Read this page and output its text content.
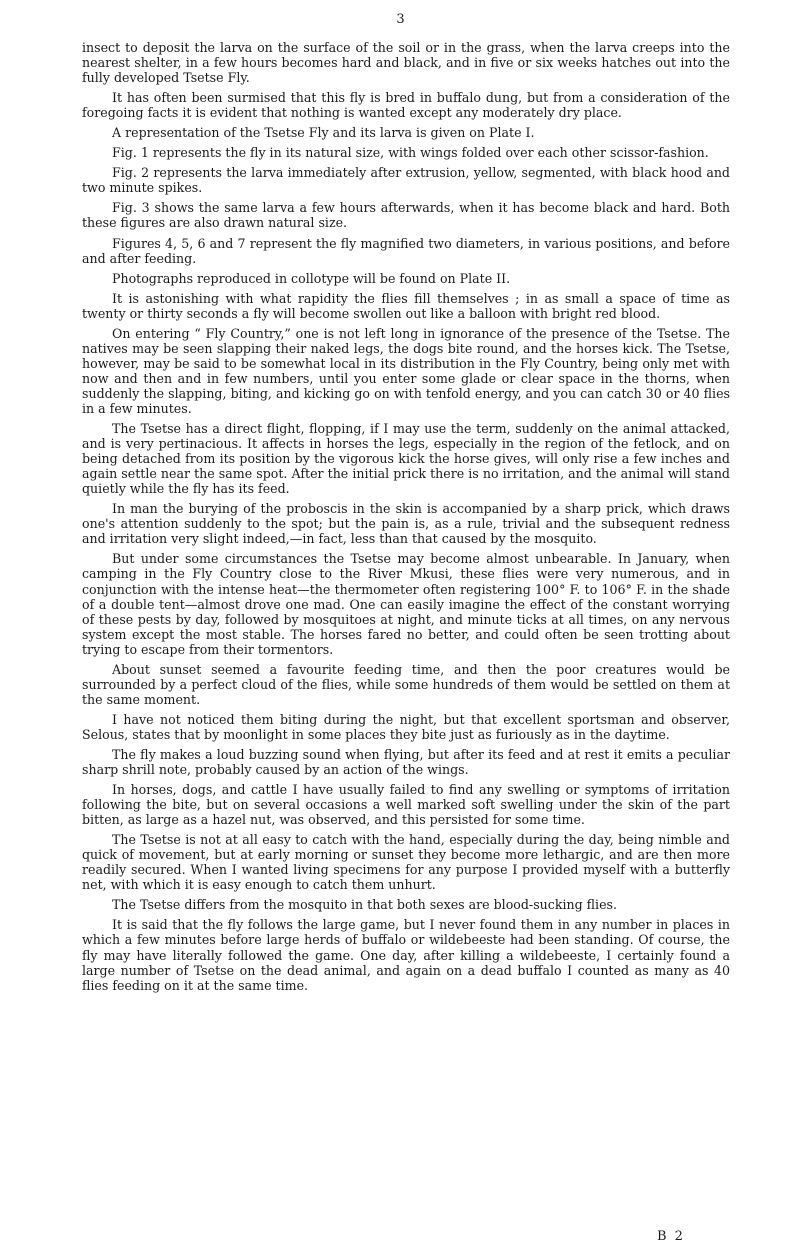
3

insect to deposit the larva on the surface of the soil or in the grass, when the larva creeps into the nearest shelter, in a few hours becomes hard and black, and in five or six weeks hatches out into the fully developed Tsetse Fly.

It has often been surmised that this fly is bred in buffalo dung, but from a consideration of the foregoing facts it is evident that nothing is wanted except any moderately dry place.

A representation of the Tsetse Fly and its larva is given on Plate I.

Fig. 1 represents the fly in its natural size, with wings folded over each other scissor-fashion.

Fig. 2 represents the larva immediately after extrusion, yellow, segmented, with black hood and two minute spikes.

Fig. 3 shows the same larva a few hours afterwards, when it has become black and hard. Both these figures are also drawn natural size.

Figures 4, 5, 6 and 7 represent the fly magnified two diameters, in various positions, and before and after feeding.

Photographs reproduced in collotype will be found on Plate II.

It is astonishing with what rapidity the flies fill themselves ; in as small a space of time as twenty or thirty seconds a fly will become swollen out like a balloon with bright red blood.

On entering “ Fly Country,” one is not left long in ignorance of the presence of the Tsetse. The natives may be seen slapping their naked legs, the dogs bite round, and the horses kick. The Tsetse, however, may be said to be somewhat local in its distribution in the Fly Country, being only met with now and then and in few numbers, until you enter some glade or clear space in the thorns, when suddenly the slapping, biting, and kicking go on with tenfold energy, and you can catch 30 or 40 flies in a few minutes.

The Tsetse has a direct flight, flopping, if I may use the term, suddenly on the animal attacked, and is very pertinacious. It affects in horses the legs, especially in the region of the fetlock, and on being detached from its position by the vigorous kick the horse gives, will only rise a few inches and again settle near the same spot. After the initial prick there is no irritation, and the animal will stand quietly while the fly has its feed.

In man the burying of the proboscis in the skin is accompanied by a sharp prick, which draws one's attention suddenly to the spot; but the pain is, as a rule, trivial and the subsequent redness and irritation very slight indeed,—in fact, less than that caused by the mosquito.

But under some circumstances the Tsetse may become almost unbearable. In January, when camping in the Fly Country close to the River Mkusi, these flies were very numerous, and in conjunction with the intense heat—the thermometer often registering 100° F. to 106° F. in the shade of a double tent—almost drove one mad. One can easily imagine the effect of the constant worrying of these pests by day, followed by mosquitoes at night, and minute ticks at all times, on any nervous system except the most stable. The horses fared no better, and could often be seen trotting about trying to escape from their tormentors.

About sunset seemed a favourite feeding time, and then the poor creatures would be surrounded by a perfect cloud of the flies, while some hundreds of them would be settled on them at the same moment.

I have not noticed them biting during the night, but that excellent sportsman and observer, Selous, states that by moonlight in some places they bite just as furiously as in the daytime.

The fly makes a loud buzzing sound when flying, but after its feed and at rest it emits a peculiar sharp shrill note, probably caused by an action of the wings.

In horses, dogs, and cattle I have usually failed to find any swelling or symptoms of irritation following the bite, but on several occasions a well marked soft swelling under the skin of the part bitten, as large as a hazel nut, was observed, and this persisted for some time.

The Tsetse is not at all easy to catch with the hand, especially during the day, being nimble and quick of movement, but at early morning or sunset they become more lethargic, and are then more readily secured. When I wanted living specimens for any purpose I provided myself with a butterfly net, with which it is easy enough to catch them unhurt.

The Tsetse differs from the mosquito in that both sexes are blood-sucking flies.

It is said that the fly follows the large game, but I never found them in any number in places in which a few minutes before large herds of buffalo or wildebeeste had been standing. Of course, the fly may have literally followed the game. One day, after killing a wildebeeste, I certainly found a large number of Tsetse on the dead animal, and again on a dead buffalo I counted as many as 40 flies feeding on it at the same time.

B 2
